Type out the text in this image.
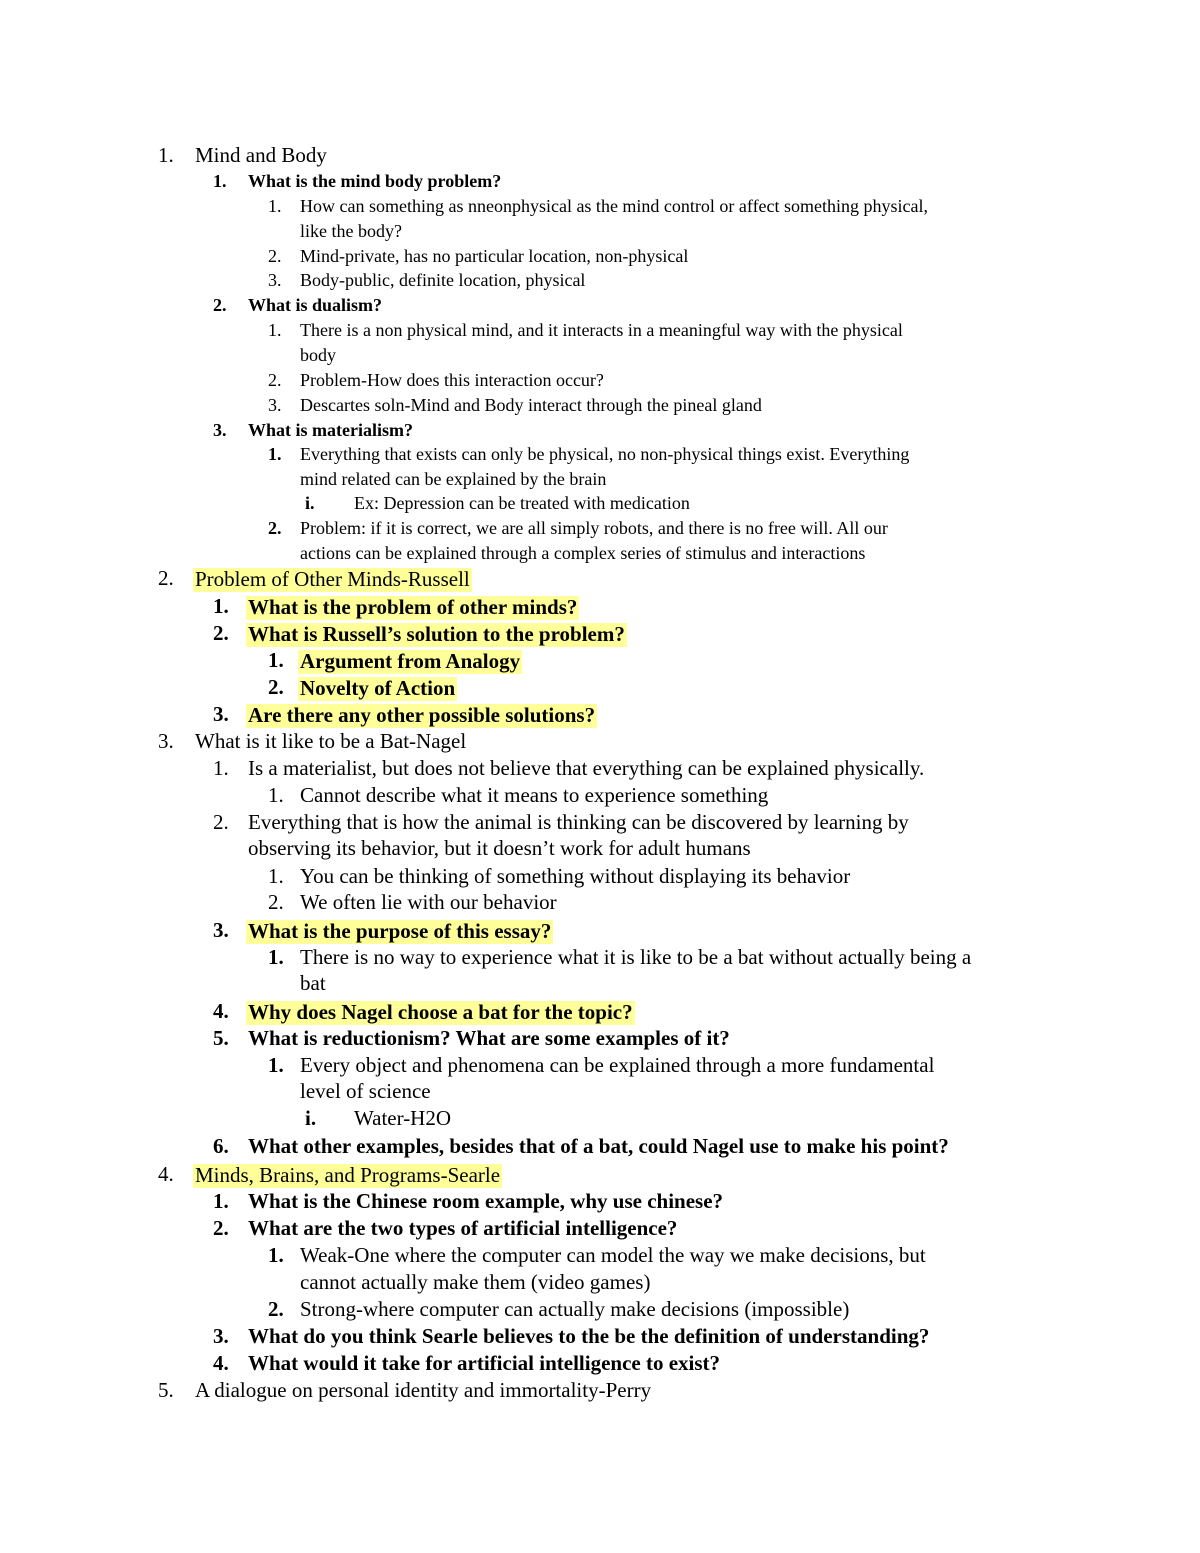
1. Mind and Body
1. What is the mind body problem?
1. How can something as nneonphysical as the mind control or affect something physical,
like the body?
2. Mind-private, has no particular location, non-physical
3. Body-public, definite location, physical
2. What is dualism?
1. There is a non physical mind, and it interacts in a meaningful way with the physical
body
2. Problem-How does this interaction occur?
3. Descartes soln-Mind and Body interact through the pineal gland
3. What is materialism?
1. Everything that exists can only be physical, no non-physical things exist. Everything
mind related can be explained by the brain
i. Ex: Depression can be treated with medication
2. Problem: if it is correct, we are all simply robots, and there is no free will. All our
actions can be explained through a complex series of stimulus and interactions
2. Problem of Other Minds-Russell
1. What is the problem of other minds?
2. What is Russell’s solution to the problem?
1. Argument from Analogy
2. Novelty of Action
3. Are there any other possible solutions?
3. What is it like to be a Bat-Nagel
1. Is a materialist, but does not believe that everything can be explained physically.
1. Cannot describe what it means to experience something
2. Everything that is how the animal is thinking can be discovered by learning by
observing its behavior, but it doesn’t work for adult humans
1. You can be thinking of something without displaying its behavior
2. We often lie with our behavior
3. What is the purpose of this essay?
1. There is no way to experience what it is like to be a bat without actually being a
bat
4. Why does Nagel choose a bat for the topic?
5. What is reductionism? What are some examples of it?
1. Every object and phenomena can be explained through a more fundamental
level of science
i. Water-H2O
6. What other examples, besides that of a bat, could Nagel use to make his point?
4. Minds, Brains, and Programs-Searle
1. What is the Chinese room example, why use chinese?
2. What are the two types of artificial intelligence?
1. Weak-One where the computer can model the way we make decisions, but
cannot actually make them (video games)
2. Strong-where computer can actually make decisions (impossible)
3. What do you think Searle believes to the be the definition of understanding?
4. What would it take for artificial intelligence to exist?
5. A dialogue on personal identity and immortality-Perry
